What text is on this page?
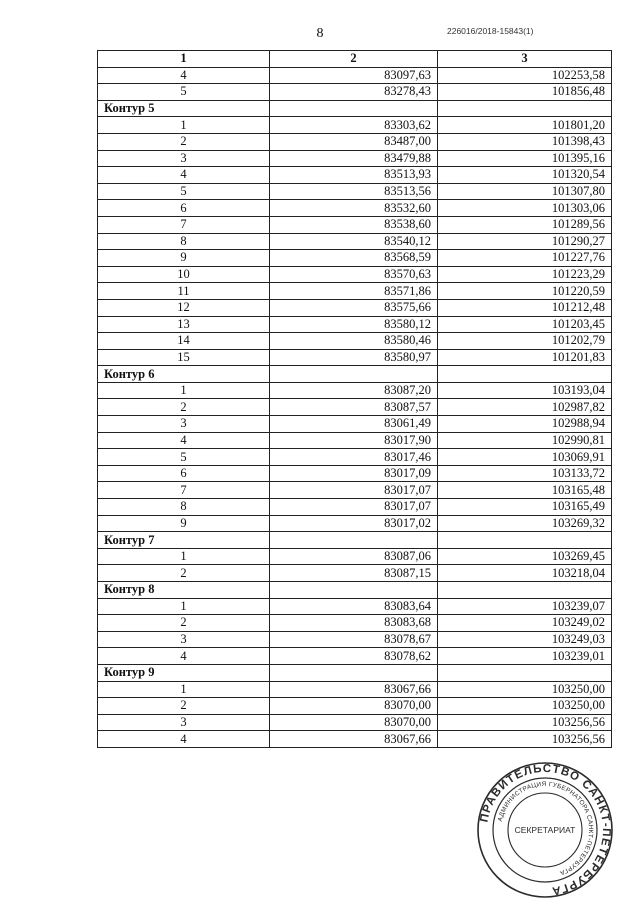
8	226016/2018-15843(1)
1	2	3
4	83097,63	102253,58
5	83278,43	101856,48
Контур 5		
1	83303,62	101801,20
2	83487,00	101398,43
3	83479,88	101395,16
4	83513,93	101320,54
5	83513,56	101307,80
6	83532,60	101303,06
7	83538,60	101289,56
8	83540,12	101290,27
9	83568,59	101227,76
10	83570,63	101223,29
11	83571,86	101220,59
12	83575,66	101212,48
13	83580,12	101203,45
14	83580,46	101202,79
15	83580,97	101201,83
Контур 6		
1	83087,20	103193,04
2	83087,57	102987,82
3	83061,49	102988,94
4	83017,90	102990,81
5	83017,46	103069,91
6	83017,09	103133,72
7	83017,07	103165,48
8	83017,07	103165,49
9	83017,02	103269,32
Контур 7		
1	83087,06	103269,45
2	83087,15	103218,04
Контур 8		
1	83083,64	103239,07
2	83083,68	103249,02
3	83078,67	103249,03
4	83078,62	103239,01
Контур 9		
1	83067,66	103250,00
2	83070,00	103250,00
3	83070,00	103256,56
4	83067,66	103256,56
ПРАВИТЕЛЬСТВО САНКТ-ПЕТЕРБУРГА
АДМИНИСТРАЦИЯ ГУБЕРНАТОРА САНКТ-ПЕТЕРБУРГА
СЕКРЕТАРИАТ
